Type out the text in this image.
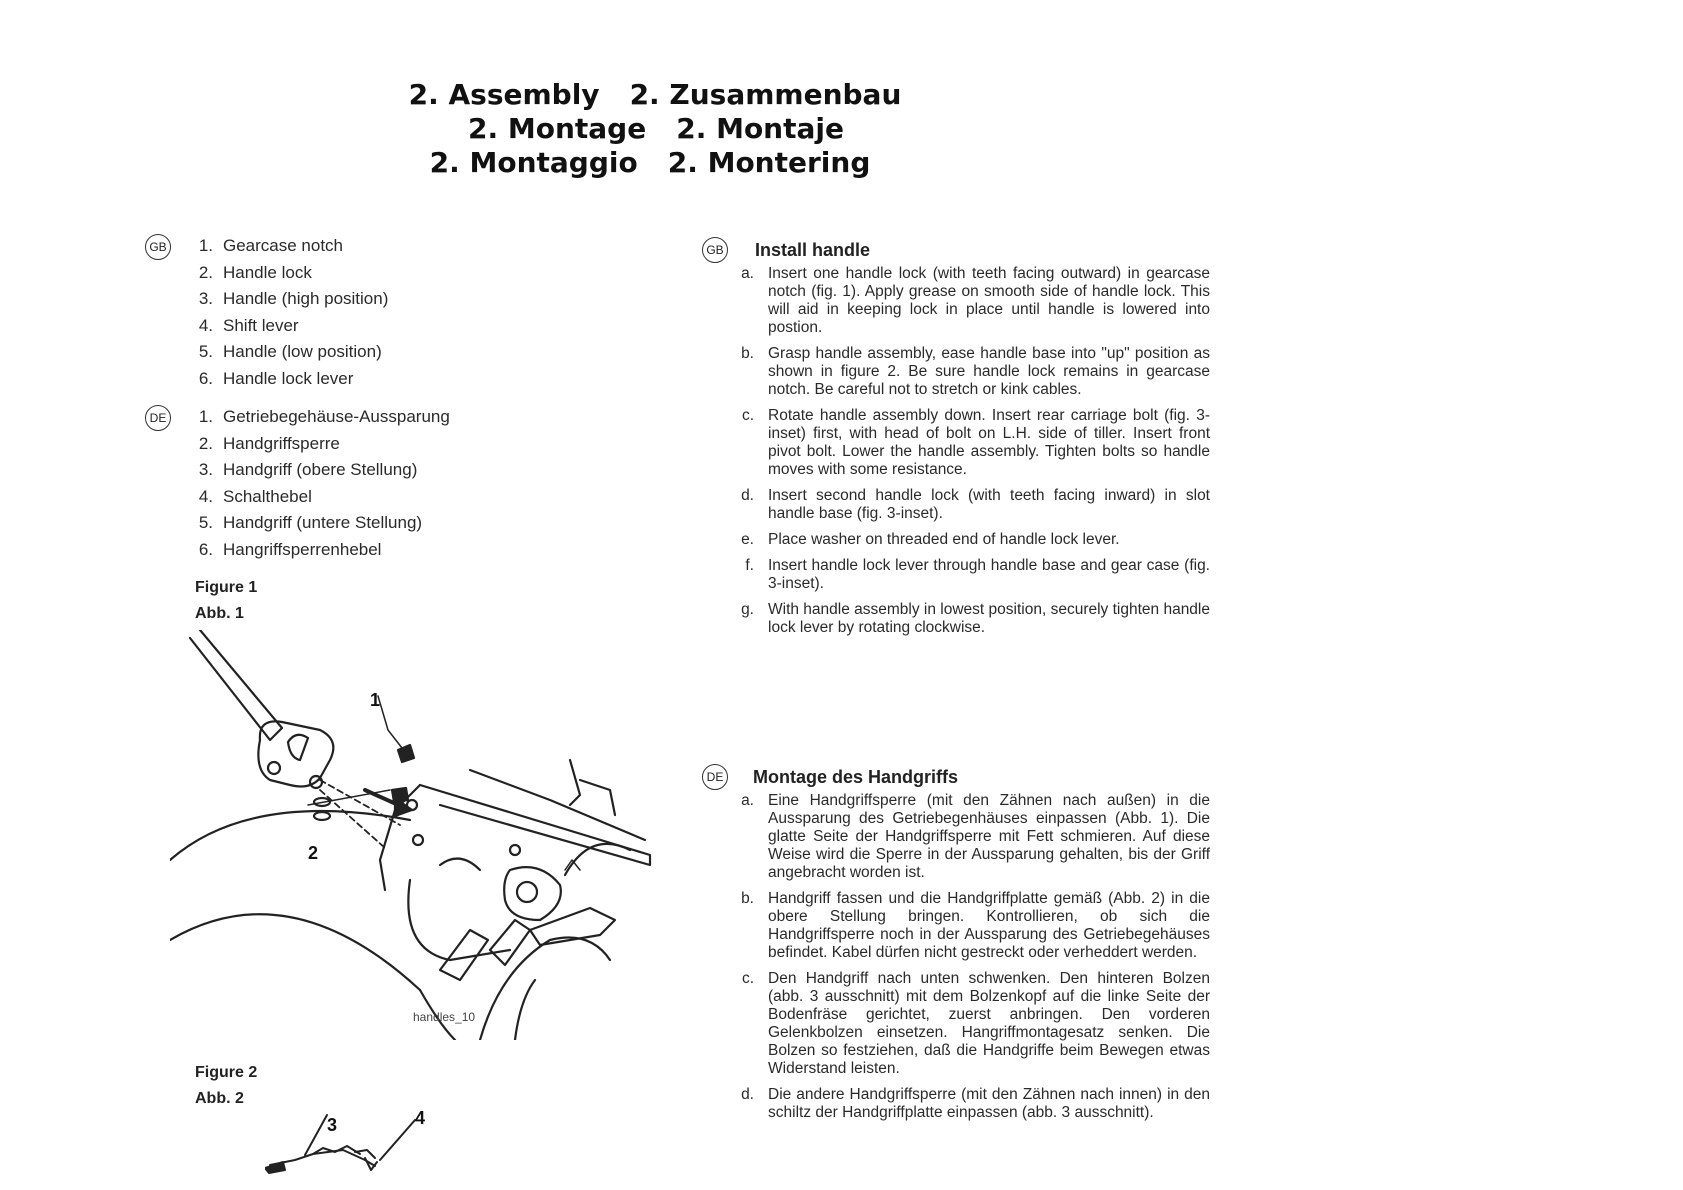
2. Assembly 2. Zusammenbau
2. Montage 2. Montaje
2. Montaggio 2. Montering
GB	1. Gearcase notch
2. Handle lock
3. Handle (high position)
4. Shift lever
5. Handle (low position)
6. Handle lock lever
DE	1. Getriebegehäuse-Aussparung
2. Handgriffsperre
3. Handgriff (obere Stellung)
4. Schalthebel
5. Handgriff (untere Stellung)
6. Hangriffsperrenhebel
Figure 1
Abb. 1
1
2
handles_10
Figure 2
Abb. 2
3	4
GB Install handle
a. Insert one handle lock (with teeth facing outward) in gearcase notch (fig. 1). Apply grease on smooth side of handle lock. This will aid in keeping lock in place until handle is lowered into postion.
b. Grasp handle assembly, ease handle base into "up" position as shown in figure 2. Be sure handle lock remains in gearcase notch. Be careful not to stretch or kink cables.
c. Rotate handle assembly down. Insert rear carriage bolt (fig. 3-inset) first, with head of bolt on L.H. side of tiller. Insert front pivot bolt. Lower the handle assembly. Tighten bolts so handle moves with some resistance.
d. Insert second handle lock (with teeth facing inward) in slot handle base (fig. 3-inset).
e. Place washer on threaded end of handle lock lever.
f. Insert handle lock lever through handle base and gear case (fig. 3-inset).
g. With handle assembly in lowest position, securely tighten handle lock lever by rotating clockwise.
DE Montage des Handgriffs
a. Eine Handgriffsperre (mit den Zähnen nach außen) in die Aussparung des Getriebegenhäuses einpassen (Abb. 1). Die glatte Seite der Handgriffsperre mit Fett schmieren. Auf diese Weise wird die Sperre in der Aussparung gehalten, bis der Griff angebracht worden ist.
b. Handgriff fassen und die Handgriffplatte gemäß (Abb. 2) in die obere Stellung bringen. Kontrollieren, ob sich die Handgriffsperre noch in der Aussparung des Getriebegehäuses befindet. Kabel dürfen nicht gestreckt oder verheddert werden.
c. Den Handgriff nach unten schwenken. Den hinteren Bolzen (abb. 3 ausschnitt) mit dem Bolzenkopf auf die linke Seite der Bodenfräse gerichtet, zuerst anbringen. Den vorderen Gelenkbolzen einsetzen. Hangriffmontagesatz senken. Die Bolzen so festziehen, daß die Handgriffe beim Bewegen etwas Widerstand leisten.
d. Die andere Handgriffsperre (mit den Zähnen nach innen) in den schiltz der Handgriffplatte einpassen (abb. 3 ausschnitt).
